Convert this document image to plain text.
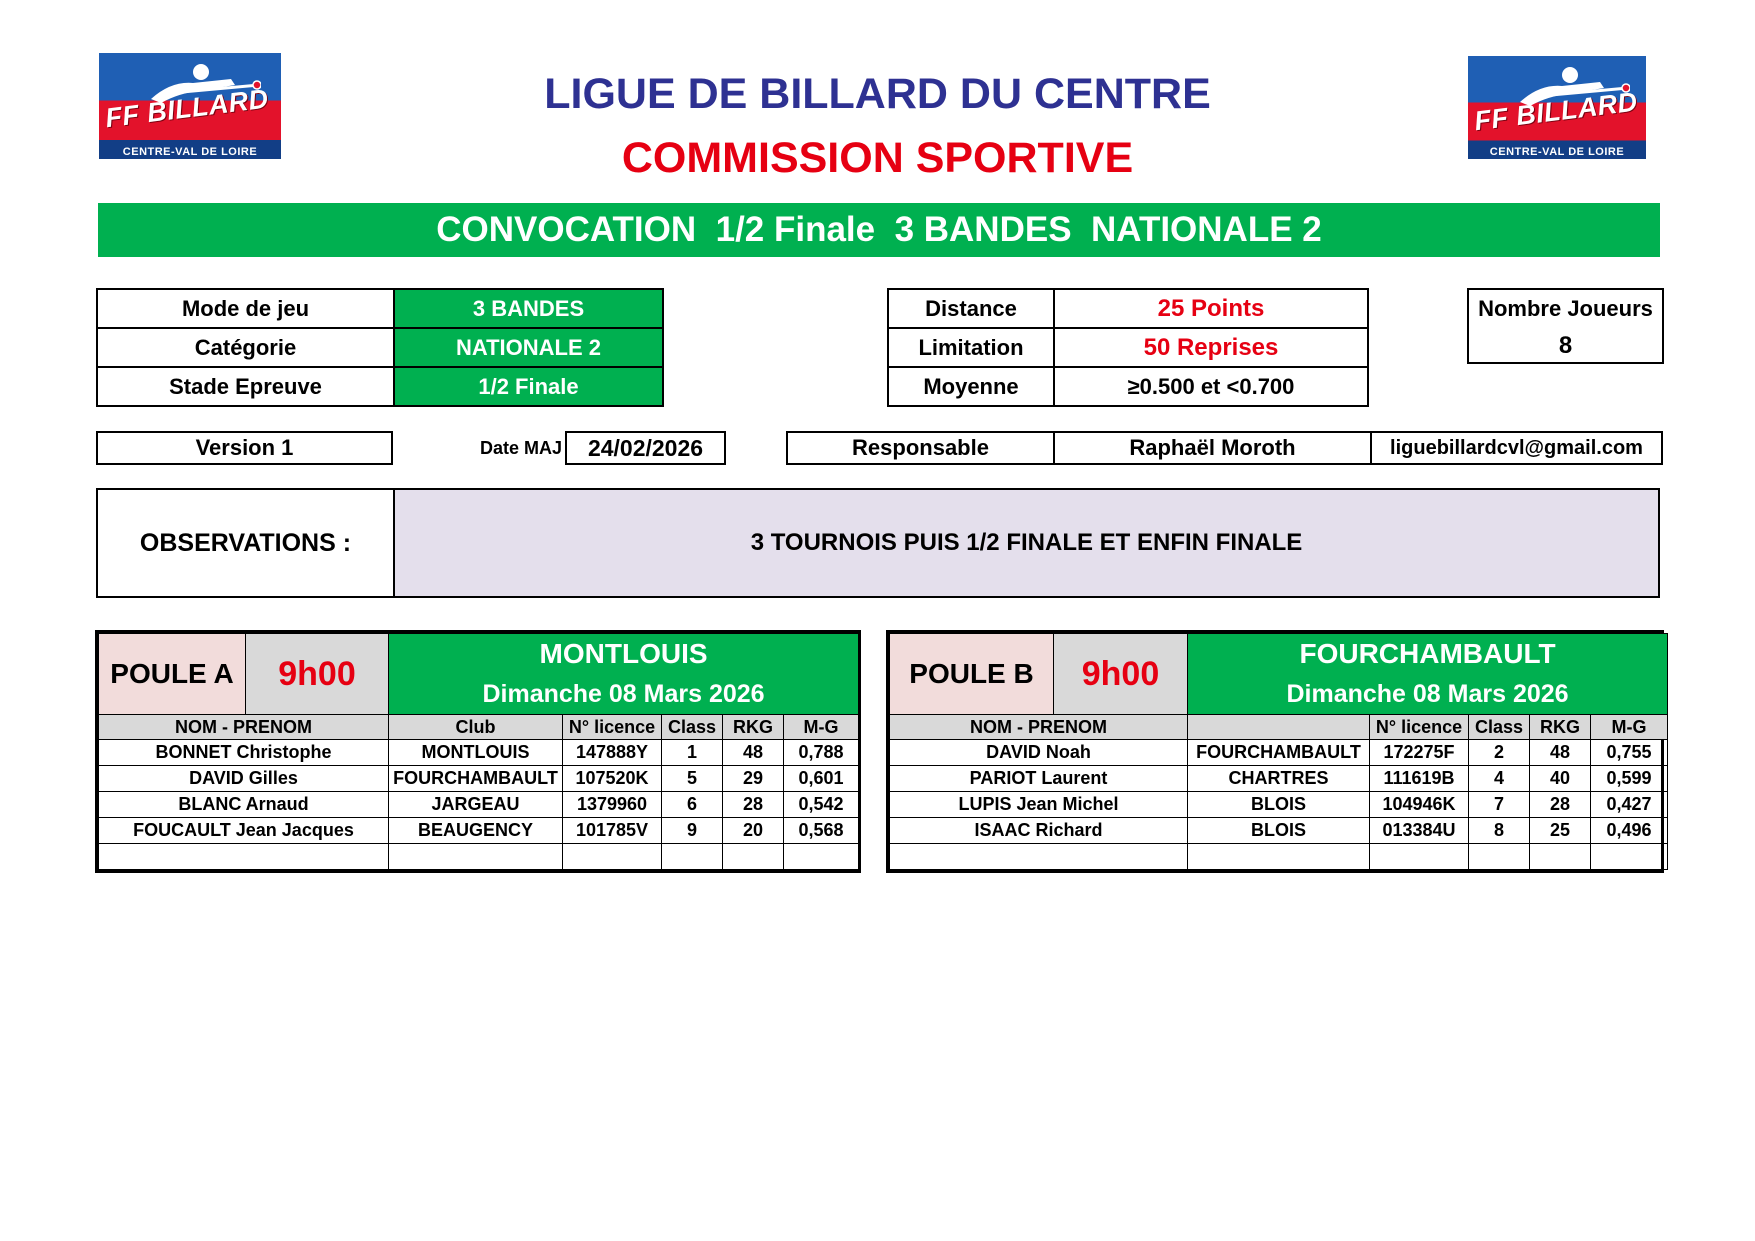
FF BILLARD
CENTRE-VAL DE LOIRE
FF BILLARD
CENTRE-VAL DE LOIRE
LIGUE DE BILLARD DU CENTRE
COMMISSION SPORTIVE
CONVOCATION  1/2 Finale  3 BANDES  NATIONALE 2
Mode de jeu	3 BANDES
Catégorie	NATIONALE 2
Stade Epreuve	1/2 Finale
Distance	25 Points
Limitation	50 Reprises
Moyenne	≥0.500 et <0.700
Nombre Joueurs
8
Version 1	Date MAJ	24/02/2026	Responsable	Raphaël Moroth	liguebillardcvl@gmail.com
OBSERVATIONS :	3 TOURNOIS PUIS 1/2 FINALE ET ENFIN FINALE
POULE A	9h00	MONTLOUIS
Dimanche 08 Mars 2026				

NOM - PRENOM		Club	N° licence	Class	RKG	M-G
BONNET Christophe		MONTLOUIS	147888Y	1	48	0,788
DAVID Gilles		FOURCHAMBAULT	107520K	5	29	0,601
BLANC Arnaud		JARGEAU	1379960	6	28	0,542
FOUCAULT Jean Jacques		BEAUGENCY	101785V	9	20	0,568

POULE B	9h00	FOURCHAMBAULT
Dimanche 08 Mars 2026				

NOM - PRENOM			N° licence	Class	RKG	M-G
DAVID Noah		FOURCHAMBAULT	172275F	2	48	0,755
PARIOT Laurent		CHARTRES	111619B	4	40	0,599
LUPIS Jean Michel		BLOIS	104946K	7	28	0,427
ISAAC Richard		BLOIS	013384U	8	25	0,496
